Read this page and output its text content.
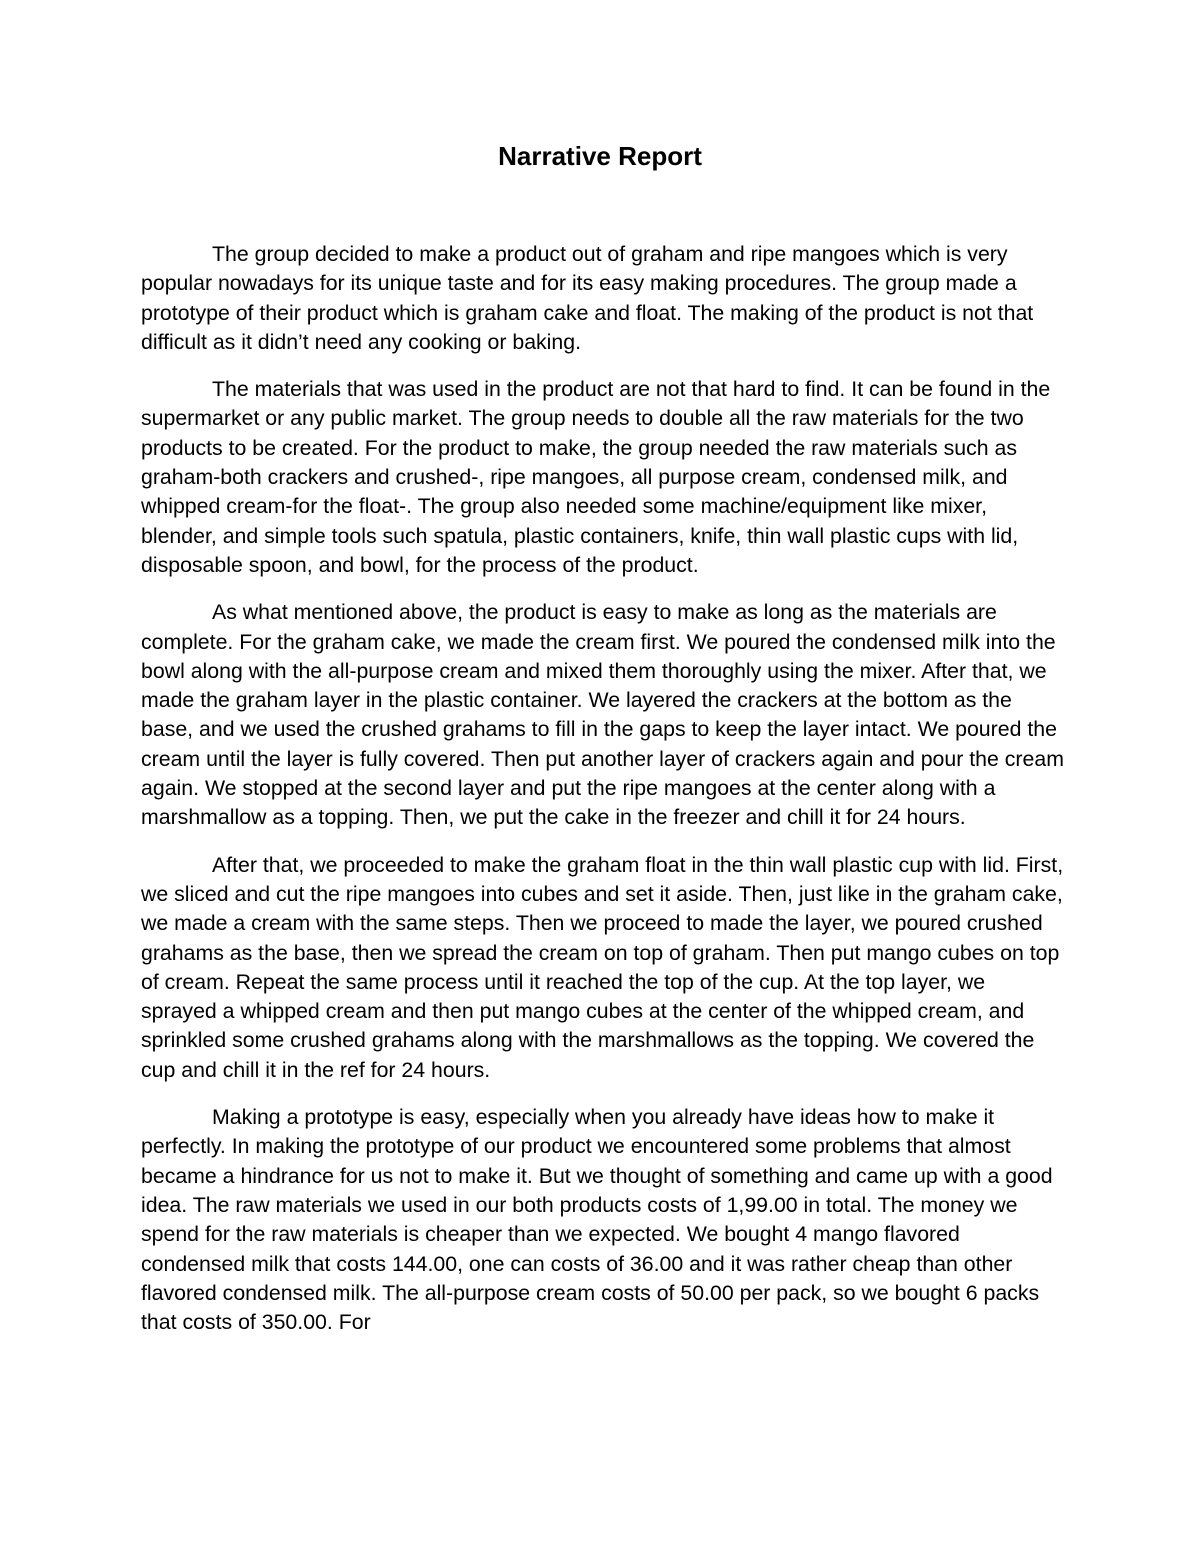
Narrative Report

The group decided to make a product out of graham and ripe mangoes which is very popular nowadays for its unique taste and for its easy making procedures. The group made a prototype of their product which is graham cake and float. The making of the product is not that difficult as it didn’t need any cooking or baking.

The materials that was used in the product are not that hard to find. It can be found in the supermarket or any public market. The group needs to double all the raw materials for the two products to be created. For the product to make, the group needed the raw materials such as graham-both crackers and crushed-, ripe mangoes, all purpose cream, condensed milk, and whipped cream-for the float-. The group also needed some machine/equipment like mixer, blender, and simple tools such spatula, plastic containers, knife, thin wall plastic cups with lid, disposable spoon, and bowl, for the process of the product.

As what mentioned above, the product is easy to make as long as the materials are complete. For the graham cake, we made the cream first. We poured the condensed milk into the bowl along with the all-purpose cream and mixed them thoroughly using the mixer. After that, we made the graham layer in the plastic container. We layered the crackers at the bottom as the base, and we used the crushed grahams to fill in the gaps to keep the layer intact. We poured the cream until the layer is fully covered. Then put another layer of crackers again and pour the cream again. We stopped at the second layer and put the ripe mangoes at the center along with a marshmallow as a topping. Then, we put the cake in the freezer and chill it for 24 hours.

After that, we proceeded to make the graham float in the thin wall plastic cup with lid. First, we sliced and cut the ripe mangoes into cubes and set it aside. Then, just like in the graham cake, we made a cream with the same steps. Then we proceed to made the layer, we poured crushed grahams as the base, then we spread the cream on top of graham. Then put mango cubes on top of cream. Repeat the same process until it reached the top of the cup. At the top layer, we sprayed a whipped cream and then put mango cubes at the center of the whipped cream, and sprinkled some crushed grahams along with the marshmallows as the topping. We covered the cup and chill it in the ref for 24 hours.

Making a prototype is easy, especially when you already have ideas how to make it perfectly. In making the prototype of our product we encountered some problems that almost became a hindrance for us not to make it. But we thought of something and came up with a good idea. The raw materials we used in our both products costs of 1,99.00 in total. The money we spend for the raw materials is cheaper than we expected. We bought 4 mango flavored condensed milk that costs 144.00, one can costs of 36.00 and it was rather cheap than other flavored condensed milk. The all-purpose cream costs of 50.00 per pack, so we bought 6 packs that costs of 350.00. For
